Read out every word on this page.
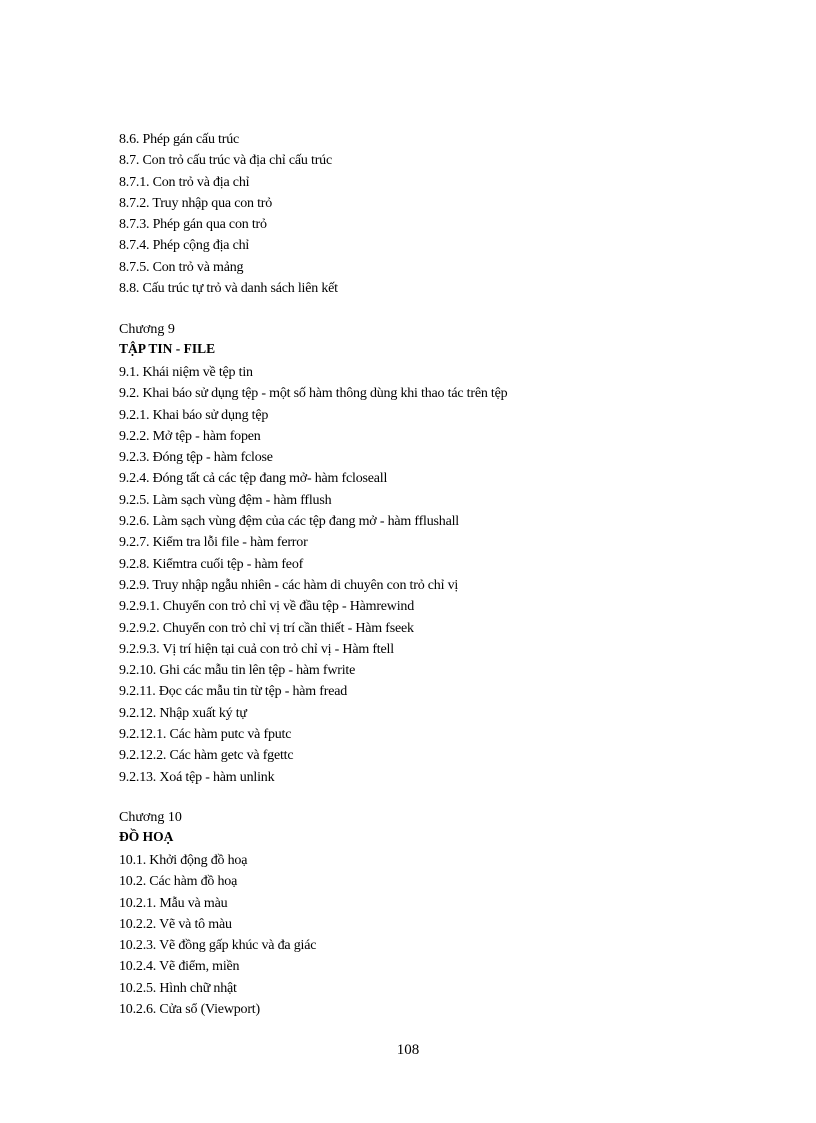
8.6. Phép gán cấu trúc
8.7. Con trỏ cấu trúc và địa chỉ cấu trúc
8.7.1. Con trỏ và địa chỉ
8.7.2. Truy nhập qua con trỏ
8.7.3. Phép gán qua con trỏ
8.7.4. Phép cộng địa chỉ
8.7.5. Con trỏ và mảng
8.8. Cấu trúc tự trỏ và danh sách liên kết
Chương 9
TẬP TIN - FILE
9.1. Khái niệm về tệp tin
9.2. Khai báo sử dụng tệp - một số hàm thông dùng khi thao tác trên tệp
9.2.1. Khai báo sử dụng tệp
9.2.2. Mở tệp - hàm fopen
9.2.3. Đóng tệp - hàm fclose
9.2.4. Đóng tất cả các tệp đang mở- hàm fcloseall
9.2.5. Làm sạch vùng đệm - hàm fflush
9.2.6. Làm sạch vùng đệm của các tệp đang mở - hàm fflushall
9.2.7. Kiểm tra lỗi file - hàm ferror
9.2.8. Kiểmtra cuối tệp - hàm feof
9.2.9. Truy nhập ngẫu nhiên - các hàm di chuyên con trỏ chỉ vị
9.2.9.1. Chuyển con trỏ chỉ vị về đầu tệp - Hàmrewind
9.2.9.2. Chuyển con trỏ chỉ vị trí cần thiết - Hàm fseek
9.2.9.3. Vị trí hiện tại cuả con trỏ chỉ vị - Hàm ftell
9.2.10. Ghi các mẫu tin lên tệp - hàm fwrite
9.2.11. Đọc các mẫu tin từ tệp - hàm fread
9.2.12. Nhập xuất ký tự
9.2.12.1. Các hàm putc và fputc
9.2.12.2. Các hàm getc và fgettc
9.2.13. Xoá tệp - hàm unlink
Chương 10
ĐỒ HOẠ
10.1. Khởi động đồ hoạ
10.2. Các hàm đồ hoạ
10.2.1. Mẫu và màu
10.2.2. Vẽ và tô màu
10.2.3. Vẽ đồng gấp khúc và đa giác
10.2.4. Vẽ điểm, miền
10.2.5. Hình chữ nhật
10.2.6. Cửa sổ (Viewport)
108
